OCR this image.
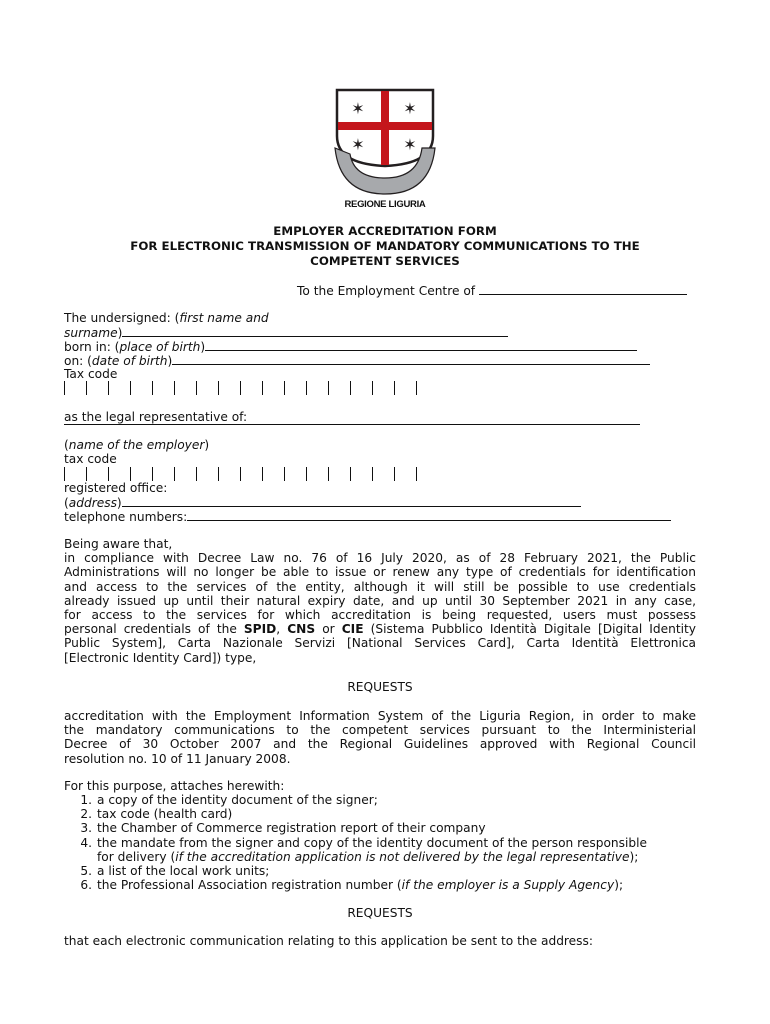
✶ ✶
✶ ✶
REGIONE LIGURIA
EMPLOYER ACCREDITATION FORM
FOR ELECTRONIC TRANSMISSION OF MANDATORY COMMUNICATIONS TO THE
COMPETENT SERVICES
To the Employment Centre of
The undersigned: (first name and
surname)
born in: (place of birth)
on: (date of birth)
Tax code
as the legal representative of:
(name of the employer)
tax code
registered office:
(address)
telephone numbers:
Being aware that,
in compliance with Decree Law no. 76 of 16 July 2020, as of 28 February 2021, the Public
Administrations will no longer be able to issue or renew any type of credentials for identification
and access to the services of the entity, although it will still be possible to use credentials
already issued up until their natural expiry date, and up until 30 September 2021 in any case,
for access to the services for which accreditation is being requested, users must possess
personal credentials of the SPID, CNS or CIE (Sistema Pubblico Identità Digitale [Digital Identity
Public System], Carta Nazionale Servizi [National Services Card], Carta Identità Elettronica
[Electronic Identity Card]) type,
REQUESTS
accreditation with the Employment Information System of the Liguria Region, in order to make
the mandatory communications to the competent services pursuant to the Interministerial
Decree of 30 October 2007 and the Regional Guidelines approved with Regional Council
resolution no. 10 of 11 January 2008.
For this purpose, attaches herewith:
1. a copy of the identity document of the signer;
2. tax code (health card)
3. the Chamber of Commerce registration report of their company
4. the mandate from the signer and copy of the identity document of the person responsible
for delivery (if the accreditation application is not delivered by the legal representative);
5. a list of the local work units;
6. the Professional Association registration number (if the employer is a Supply Agency);
REQUESTS
that each electronic communication relating to this application be sent to the address:
